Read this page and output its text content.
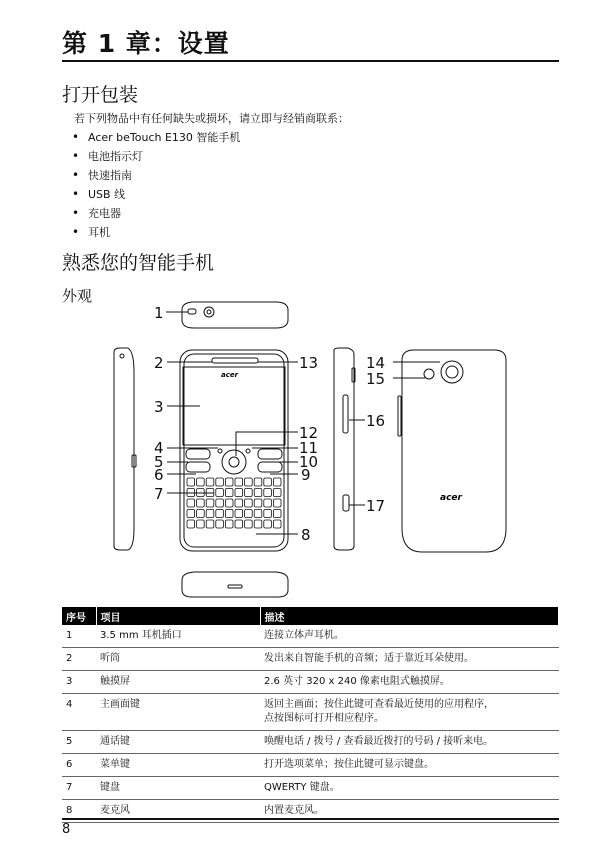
第 1 章：设置
打开包装
若下列物品中有任何缺失或损坏，请立即与经销商联系：
• Acer beTouch E130 智能手机
• 电池指示灯
• 快速指南
• USB 线
• 充电器
• 耳机
熟悉您的智能手机
外观
acer
acer
1
2
3
4
5
6
7
8
9
10
11
12
13	14
15
16
17
序号	项目	描述
1	3.5 mm 耳机插口	连接立体声耳机。
2	听筒	发出来自智能手机的音频；适于靠近耳朵使用。
3	触摸屏	2.6 英寸 320 x 240 像素电阻式触摸屏。
4	主画面键	返回主画面；按住此键可查看最近使用的应用程序，
点按图标可打开相应程序。

5	通话键	唤醒电话 / 拨号 / 查看最近拨打的号码 / 接听来电。
6	菜单键	打开选项菜单；按住此键可显示键盘。
7	键盘	QWERTY 键盘。
8	麦克风	内置麦克风。
8
